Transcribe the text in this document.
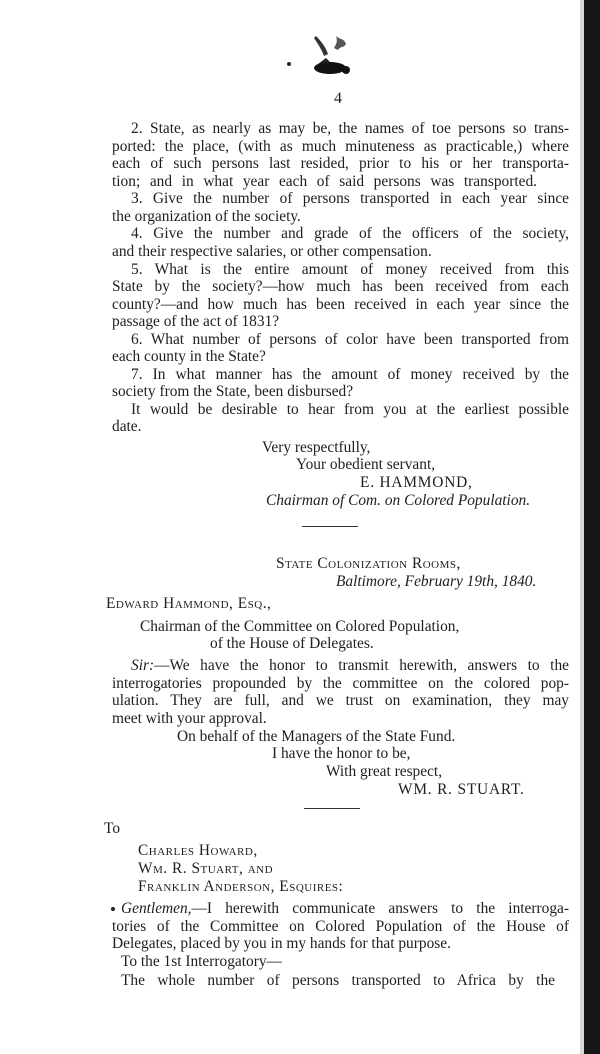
4
2. State, as nearly as may be, the names of toe persons so trans-
ported: the place, (with as much minuteness as practicable,) where
each of such persons last resided, prior to his or her transporta-
tion; and in what year each of said persons was transported.
3. Give the number of persons transported in each year since
the organization of the society.
4. Give the number and grade of the officers of the society,
and their respective salaries, or other compensation.
5. What is the entire amount of money received from this
State by the society?—how much has been received from each
county?—and how much has been received in each year since the
passage of the act of 1831?
6. What number of persons of color have been transported from
each county in the State?
7. In what manner has the amount of money received by the
society from the State, been disbursed?
It would be desirable to hear from you at the earliest possible
date.
Very respectfully,
Your obedient servant,
E. HAMMOND,
Chairman of Com. on Colored Population.
State Colonization Rooms,
Baltimore, February 19th, 1840.
Edward Hammond, Esq.,
Chairman of the Committee on Colored Population,
of the House of Delegates.
Sir: —We have the honor to transmit herewith, answers to the
interrogatories propounded by the committee on the colored pop-
ulation. They are full, and we trust on examination, they may
meet with your approval.
On behalf of the Managers of the State Fund.
I have the honor to be,
With great respect,
WM. R. STUART.
To
Charles Howard,
Wm. R. Stuart, and
Franklin Anderson, Esquires:
Gentlemen, —I herewith communicate answers to the interroga-
tories of the Committee on Colored Population of the House of
Delegates, placed by you in my hands for that purpose.
To the 1st Interrogatory—
The whole number of persons transported to Africa by the
